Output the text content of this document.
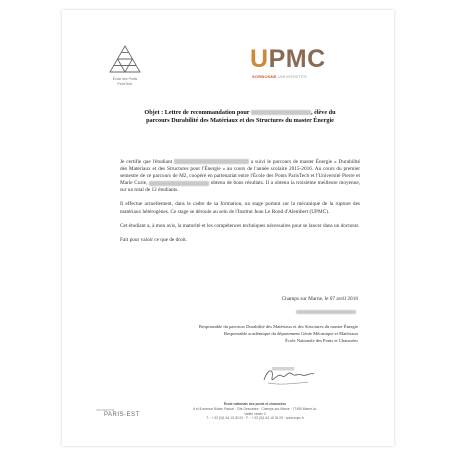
École des Ponts
ParisTech
UPMC
SORBONNE UNIVERSITÉS
Objet : Lettre de recommandation pour	, élève du
parcours Durabilité des Matériaux et des Structures du master Énergie

Je certifie que l'étudiant	a suivi le parcours de master Énergie « Durabilité des Matériaux et des Structures pour l'Énergie » au cours de l'année scolaire 2015-2016. Au cours du premier semestre de ce parcours de M2, coopéré en partenariat entre l'École des Ponts ParisTech et l'Université Pierre et Marie Curie,	obtenu de bons résultats. Il a obtenu la troisième meilleure moyenne, sur un total de 12 étudiants.

Il effectue actuellement, dans le cadre de sa formation, un stage portant sur la mécanique de la rupture des matériaux hétérogènes. Ce stage se déroule au sein de l'Institut Jean Le Rond d'Alembert (UPMC).

Cet étudiant a, à mon avis, la maturité et les compétences techniques nécessaires pour se lancer dans un doctorat.

Fait pour valoir ce que de droit.

Champs sur Marne, le 07 avril 2016
Responsable du parcours Durabilité des Matériaux et des Structures du master Énergie
Responsable académique du département Génie Mécanique et Matériaux
École Nationale des Ponts et Chaussées
UNIVERSITÉ
PARIS-EST
École nationale des ponts et chaussées
6 et 8 avenue Blaise Pascal · Cité Descartes · Champs-sur-Marne · 77455 Marne-la-Vallée cedex 2
T. : + 33 (0)1 64 15 30 00 · F. : + 33 (0)1 64 15 34 09 · www.enpc.fr
